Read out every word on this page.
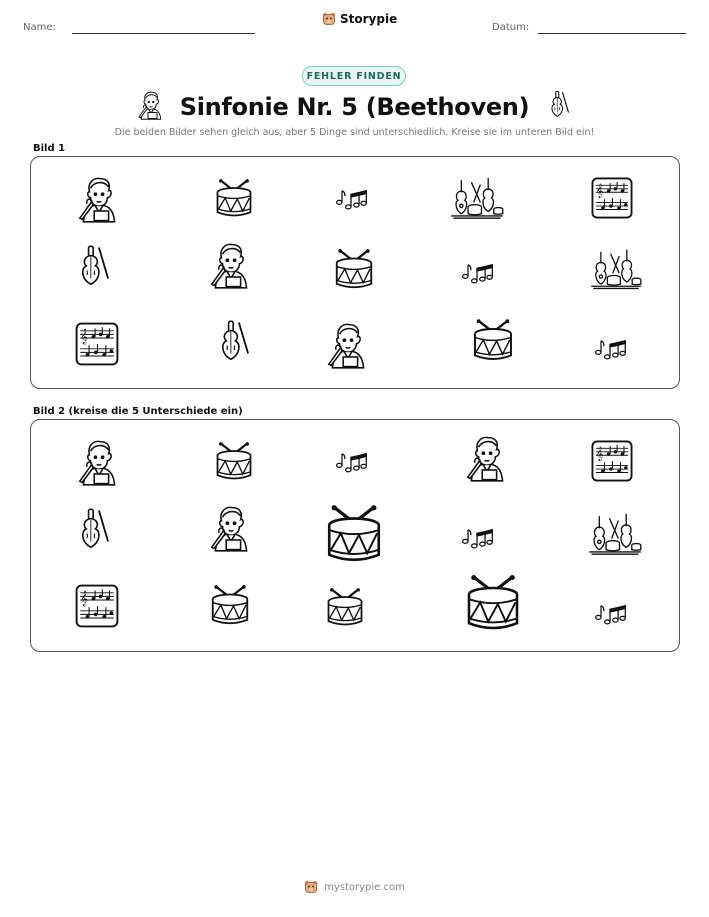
Name:
Storypie
Datum:
FEHLER FINDEN
Sinfonie Nr. 5 (Beethoven)
Die beiden Bilder sehen gleich aus, aber 5 Dinge sind unterschiedlich. Kreise sie im unteren Bild ein!
Bild 1
Bild 2 (kreise die 5 Unterschiede ein)
mystorypie.com
